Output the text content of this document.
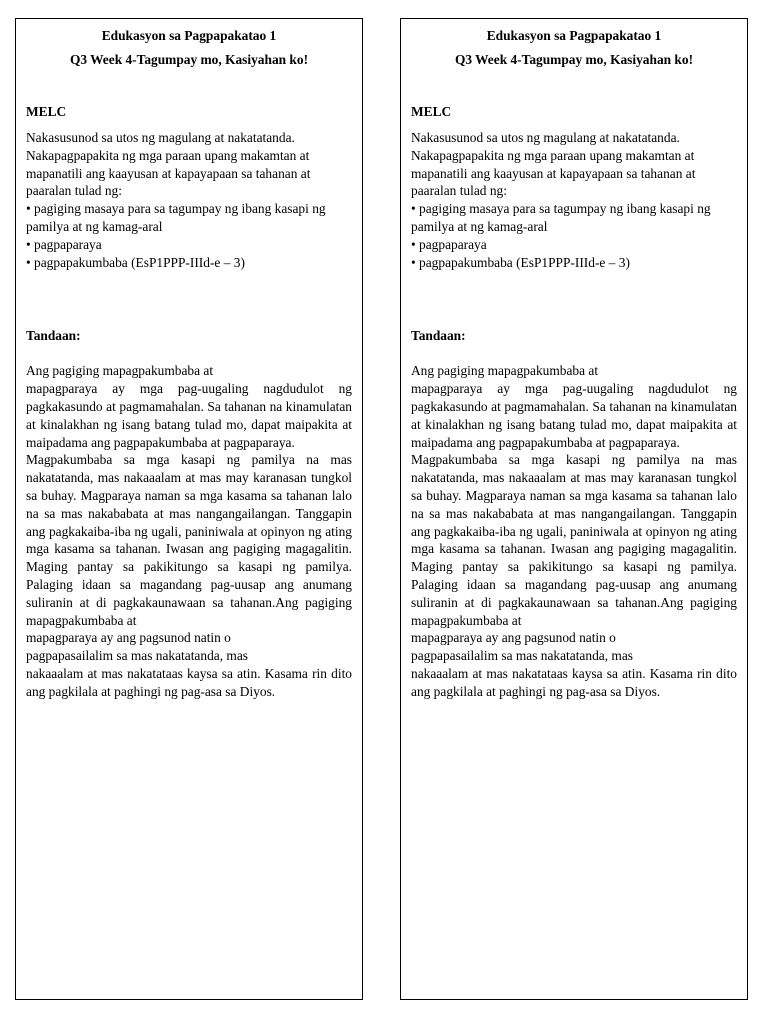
Edukasyon sa Pagpapakatao 1

Q3 Week 4-Tagumpay mo, Kasiyahan ko!

MELC

Nakasusunod sa utos ng magulang at nakatatanda. Nakapagpapakita ng mga paraan upang makamtan at mapanatili ang kaayusan at kapayapaan sa tahanan at paaralan tulad ng:

• pagiging masaya para sa tagumpay ng ibang kasapi ng pamilya at ng kamag-aral

• pagpaparaya

• pagpapakumbaba (EsP1PPP-IIId-e – 3)

Tandaan:

Ang pagiging mapagpakumbaba at

mapagparaya ay mga pag-uugaling nagdudulot ng pagkakasundo at pagmamahalan. Sa tahanan na kinamulatan at kinalakhan ng isang batang tulad mo, dapat maipakita at maipadama ang pagpapakumbaba at pagpaparaya.

Magpakumbaba sa mga kasapi ng pamilya na mas nakatatanda, mas nakaaalam at mas may karanasan tungkol sa buhay. Magparaya naman sa mga kasama sa tahanan lalo na sa mas nakababata at mas nangangailangan. Tanggapin ang pagkakaiba-iba ng ugali, paniniwala at opinyon ng ating mga kasama sa tahanan. Iwasan ang pagiging magagalitin. Maging pantay sa pakikitungo sa kasapi ng pamilya. Palaging idaan sa magandang pag-uusap ang anumang suliranin at di pagkakaunawaan sa tahanan.Ang pagiging mapagpakumbaba at

mapagparaya ay ang pagsunod natin o

pagpapasailalim sa mas nakatatanda, mas

nakaaalam at mas nakatataas kaysa sa atin. Kasama rin dito ang pagkilala at paghingi ng pag-asa sa Diyos.

Edukasyon sa Pagpapakatao 1

Q3 Week 4-Tagumpay mo, Kasiyahan ko!

MELC

Nakasusunod sa utos ng magulang at nakatatanda. Nakapagpapakita ng mga paraan upang makamtan at mapanatili ang kaayusan at kapayapaan sa tahanan at paaralan tulad ng:

• pagiging masaya para sa tagumpay ng ibang kasapi ng pamilya at ng kamag-aral

• pagpaparaya

• pagpapakumbaba (EsP1PPP-IIId-e – 3)

Tandaan:

Ang pagiging mapagpakumbaba at

mapagparaya ay mga pag-uugaling nagdudulot ng pagkakasundo at pagmamahalan. Sa tahanan na kinamulatan at kinalakhan ng isang batang tulad mo, dapat maipakita at maipadama ang pagpapakumbaba at pagpaparaya.

Magpakumbaba sa mga kasapi ng pamilya na mas nakatatanda, mas nakaaalam at mas may karanasan tungkol sa buhay. Magparaya naman sa mga kasama sa tahanan lalo na sa mas nakababata at mas nangangailangan. Tanggapin ang pagkakaiba-iba ng ugali, paniniwala at opinyon ng ating mga kasama sa tahanan. Iwasan ang pagiging magagalitin. Maging pantay sa pakikitungo sa kasapi ng pamilya. Palaging idaan sa magandang pag-uusap ang anumang suliranin at di pagkakaunawaan sa tahanan.Ang pagiging mapagpakumbaba at

mapagparaya ay ang pagsunod natin o

pagpapasailalim sa mas nakatatanda, mas

nakaaalam at mas nakatataas kaysa sa atin. Kasama rin dito ang pagkilala at paghingi ng pag-asa sa Diyos.
